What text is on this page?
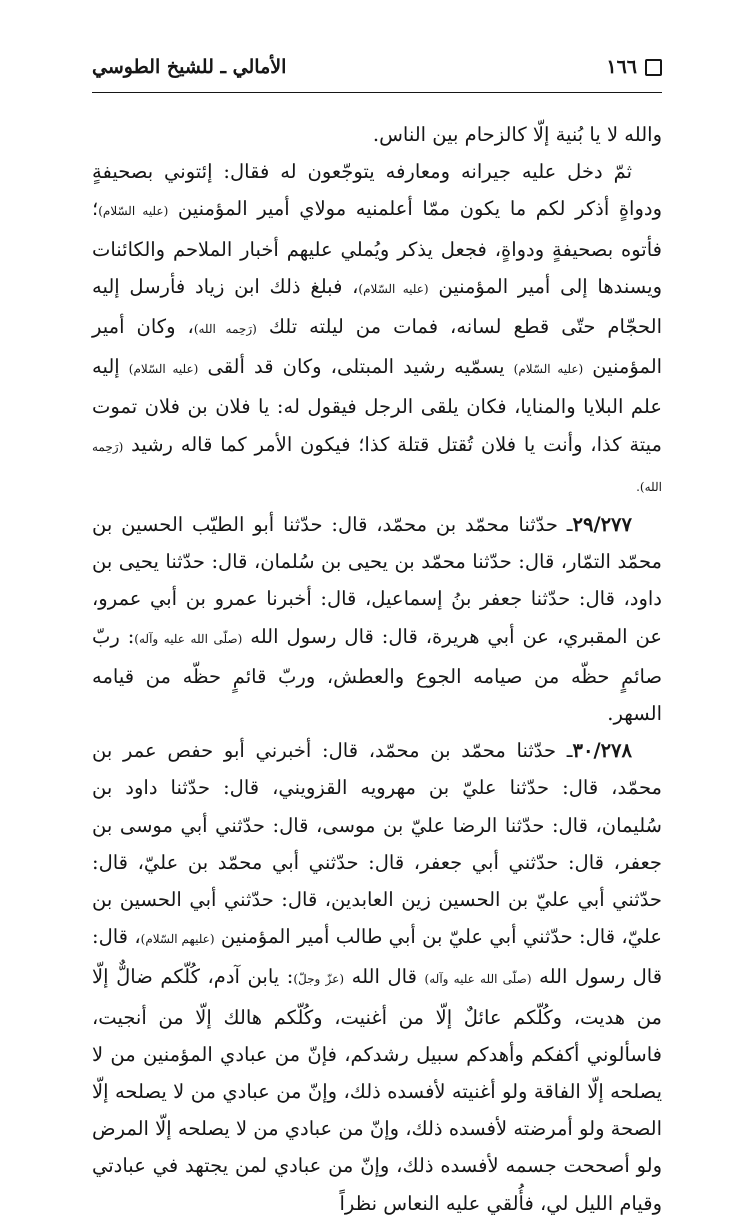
١٦٦
الأمالي ـ للشيخ الطوسي

والله لا يا بُنية إلّا كالزحام بين الناس.

ثمّ دخل عليه جيرانه ومعارفه يتوجّعون له فقال: إئتوني بصحيفةٍ ودواةٍ أذكر لكم ما يكون ممّا أعلمنيه مولاي أمير المؤمنين (عليه السّلام)؛ فأتوه بصحيفةٍ ودواةٍ، فجعل يذكر ويُملي عليهم أخبار الملاحم والكائنات ويسندها إلى أمير المؤمنين (عليه السّلام)، فبلغ ذلك ابن زياد فأرسل إليه الحجّام حتّى قطع لسانه، فمات من ليلته تلك (رَحِمه الله)، وكان أمير المؤمنين (عليه السّلام) يسمّيه رشيد المبتلى، وكان قد ألقى (عليه السّلام) إليه علم البلايا والمنايا، فكان يلقى الرجل فيقول له: يا فلان بن فلان تموت ميتة كذا، وأنت يا فلان تُقتل قتلة كذا؛ فيكون الأمر كما قاله رشيد (رَحِمه الله).

٢٩/٢٧٧ـ حدّثنا محمّد بن محمّد، قال: حدّثنا أبو الطيّب الحسين بن محمّد التمّار، قال: حدّثنا محمّد بن يحيى بن سُلمان، قال: حدّثنا يحيى بن داود، قال: حدّثنا جعفر بنُ إسماعيل، قال: أخبرنا عمرو بن أبي عمرو، عن المقبري، عن أبي هريرة، قال: قال رسول الله (صلّى الله عليه وآله): ربّ صائمٍ حظّه من صيامه الجوع والعطش، وربّ قائمٍ حظّه من قيامه السهر.

٣٠/٢٧٨ـ حدّثنا محمّد بن محمّد، قال: أخبرني أبو حفص عمر بن محمّد، قال: حدّثنا عليّ بن مهرويه القزويني، قال: حدّثنا داود بن سُليمان، قال: حدّثنا الرضا عليّ بن موسى، قال: حدّثني أبي موسى بن جعفر، قال: حدّثني أبي جعفر، قال: حدّثني أبي محمّد بن عليّ، قال: حدّثني أبي عليّ بن الحسين زين العابدين، قال: حدّثني أبي الحسين بن عليّ، قال: حدّثني أبي عليّ بن أبي طالب أمير المؤمنين (عليهم السّلام)، قال: قال رسول الله (صلّى الله عليه وآله) قال الله (عزّ وجلّ): يابن آدم، كُلّكم ضالٌّ إلّا من هديت، وكُلّكم عائلٌ إلّا من أغنيت، وكُلّكم هالك إلّا من أنجيت، فاسألوني أكفكم وأهدكم سبيل رشدكم، فإنّ من عبادي المؤمنين من لا يصلحه إلّا الفاقة ولو أغنيته لأفسده ذلك، وإنّ من عبادي من لا يصلحه إلّا الصحة ولو أمرضته لأفسده ذلك، وإنّ من عبادي من لا يصلحه إلّا المرض ولو أصححت جسمه لأفسده ذلك، وإنّ من عبادي لمن يجتهد في عبادتي وقيام الليل لي، فأُلقي عليه النعاس نظراً
